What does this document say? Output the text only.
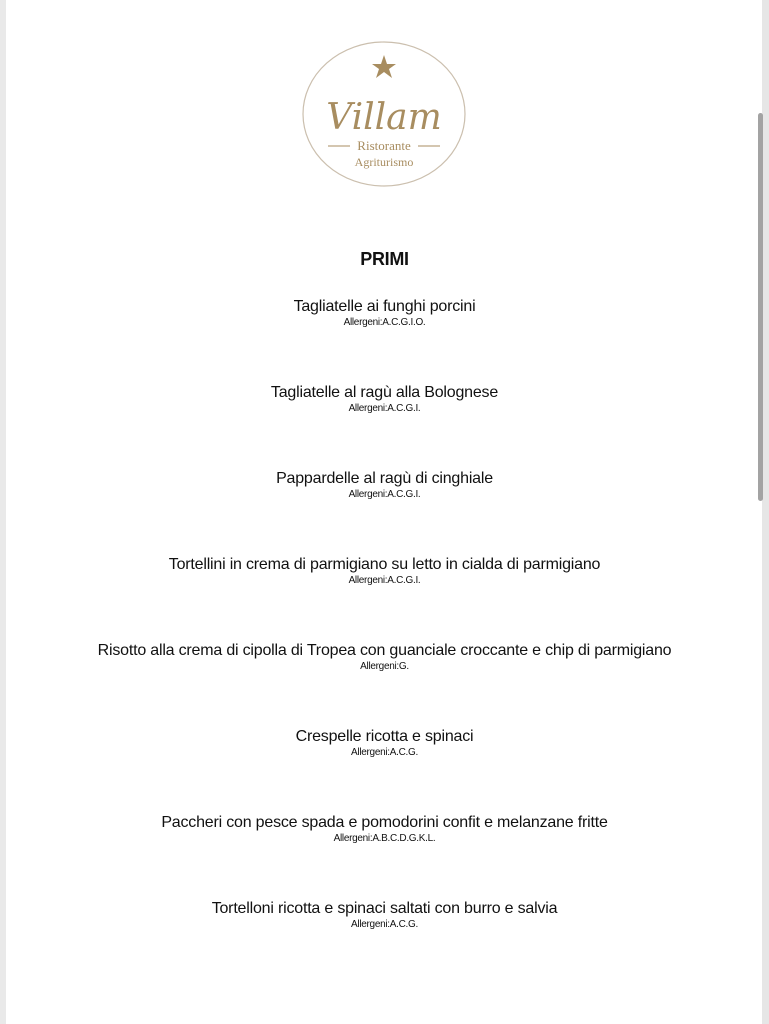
Villam
Ristorante
Agriturismo
PRIMI
Tagliatelle ai funghi porcini
Allergeni:A.C.G.I.O.
Tagliatelle al ragù alla Bolognese
Allergeni:A.C.G.I.
Pappardelle al ragù di cinghiale
Allergeni:A.C.G.I.
Tortellini in crema di parmigiano su letto in cialda di parmigiano
Allergeni:A.C.G.I.
Risotto alla crema di cipolla di Tropea con guanciale croccante e chip di parmigiano
Allergeni:G.
Crespelle ricotta e spinaci
Allergeni:A.C.G.
Paccheri con pesce spada e pomodorini confit e melanzane fritte
Allergeni:A.B.C.D.G.K.L.
Tortelloni ricotta e spinaci saltati con burro e salvia
Allergeni:A.C.G.
